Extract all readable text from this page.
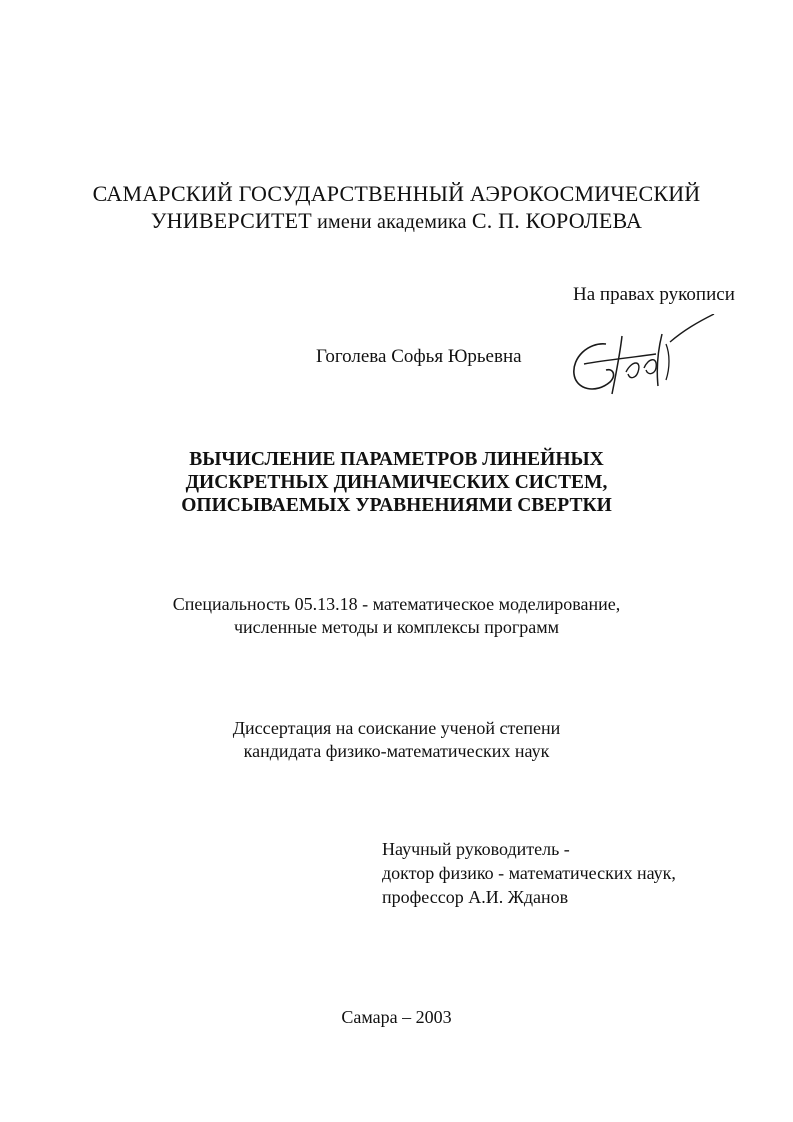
САМАРСКИЙ ГОСУДАРСТВЕННЫЙ АЭРОКОСМИЧЕСКИЙ
УНИВЕРСИТЕТ имени академика С. П. КОРОЛЕВА
На правах рукописи
Гоголева Софья Юрьевна
ВЫЧИСЛЕНИЕ ПАРАМЕТРОВ ЛИНЕЙНЫХ
ДИСКРЕТНЫХ ДИНАМИЧЕСКИХ СИСТЕМ,
ОПИСЫВАЕМЫХ УРАВНЕНИЯМИ СВЕРТКИ
Специальность 05.13.18 - математическое моделирование,
численные методы и комплексы программ
Диссертация на соискание ученой степени
кандидата физико-математических наук
Научный руководитель -
доктор физико - математических наук,
профессор А.И. Жданов
Самара – 2003
